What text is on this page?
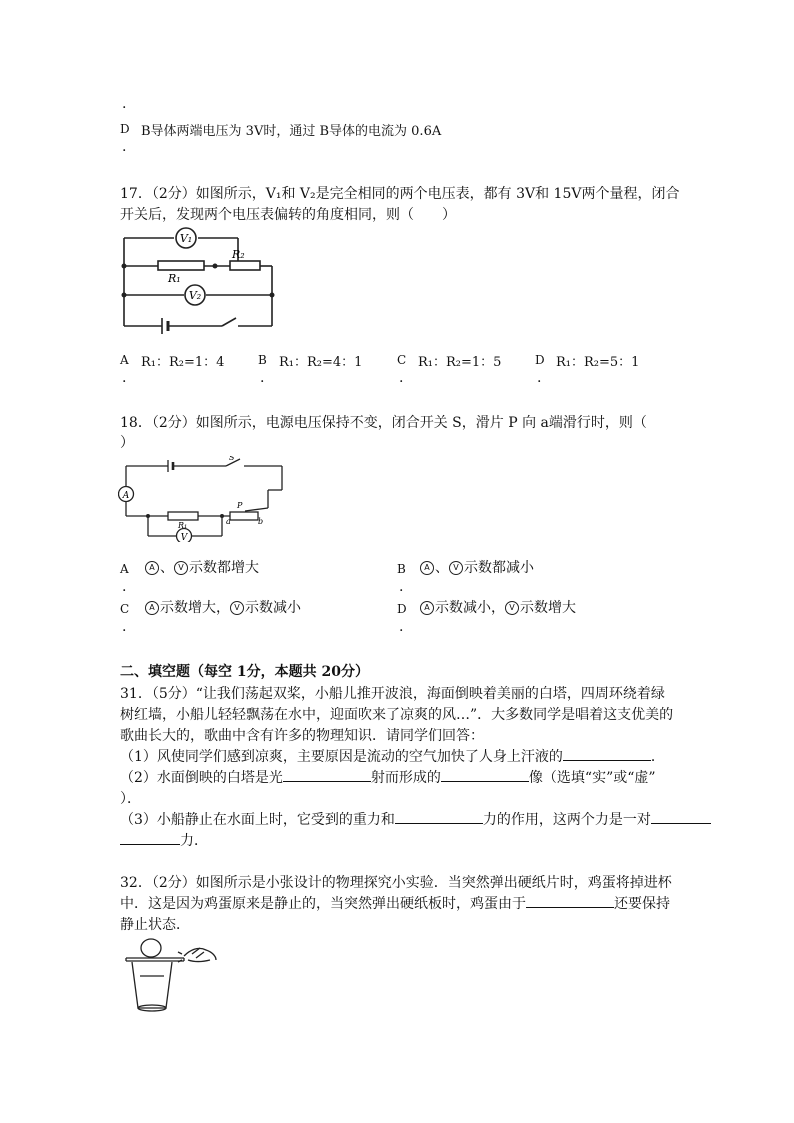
.
D B导体两端电压为 3V时，通过 B导体的电流为 0.6A
.
17．（2分）如图所示，V₁和 V₂是完全相同的两个电压表，都有 3V和 15V两个量程，闭合
开关后，发现两个电压表偏转的角度相同，则（　　）
V₁
V₂
R₁
R₂
A R₁：R₂=1：4
.
B R₁：R₂=4：1
.
C R₁：R₂=1：5
.
D R₁：R₂=5：1
.
18．（2分）如图所示，电源电压保持不变，闭合开关 S，滑片 P 向 a端滑行时，则（
）
A
V
S
R₁
P
a	b
A	A 、 V 示数都增大
.
B	A 、 V 示数都减小
.
C	A 示数增大， V 示数减小
.
D	A 示数减小， V 示数增大
.
二、填空题（每空 1分，本题共 20分）
31．（5分）“让我们荡起双桨，小船儿推开波浪，海面倒映着美丽的白塔，四周环绕着绿
树红墙，小船儿轻轻飘荡在水中，迎面吹来了凉爽的风…”．大多数同学是唱着这支优美的
歌曲长大的，歌曲中含有许多的物理知识．请同学们回答：
（1）风使同学们感到凉爽，主要原因是流动的空气加快了人身上汗液的	．
（2）水面倒映的白塔是光	射而形成的	像（选填“实”或“虚”
）．
（3）小船静止在水面上时，它受到的重力和	力的作用，这两个力是一对
力．
32．（2分）如图所示是小张设计的物理探究小实验．当突然弹出硬纸片时，鸡蛋将掉进杯
中．这是因为鸡蛋原来是静止的，当突然弹出硬纸板时，鸡蛋由于	还要保持
静止状态．
